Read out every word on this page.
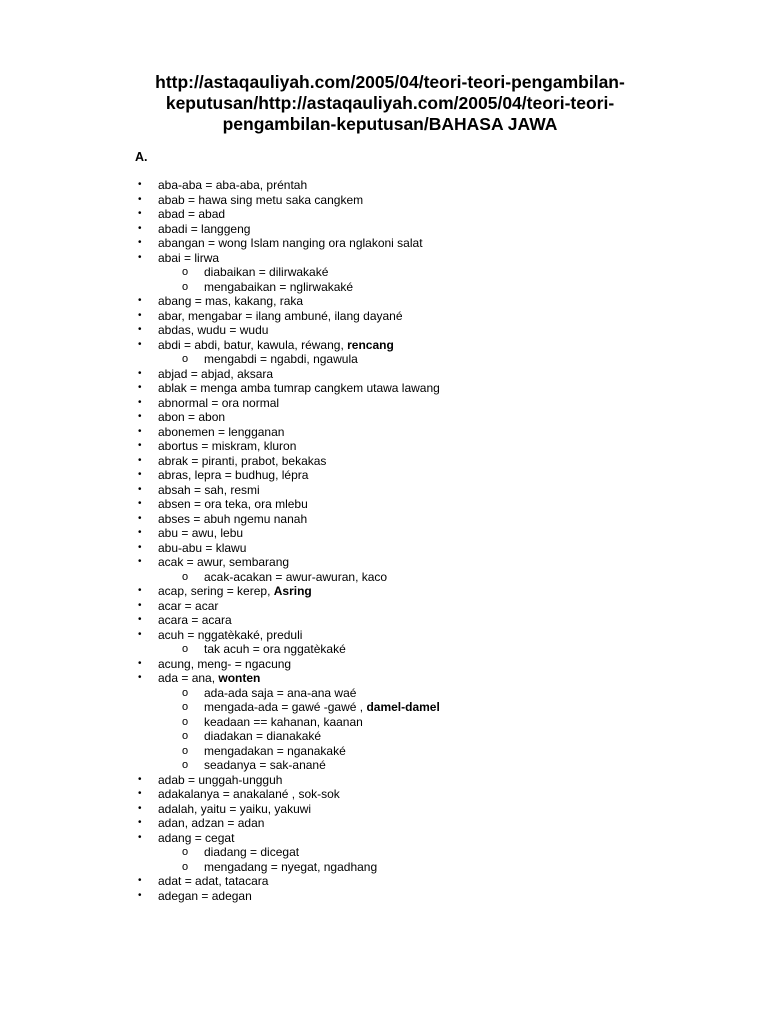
http://astaqauliyah.com/2005/04/teori-teori-pengambilan-
keputusan/http://astaqauliyah.com/2005/04/teori-teori-
pengambilan-keputusan/BAHASA JAWA

A.

• aba-aba = aba-aba, préntah
• abab = hawa sing metu saka cangkem
• abad = abad
• abadi = langgeng
• abangan = wong Islam nanging ora nglakoni salat
• abai = lirwa
o diabaikan = dilirwakaké
o mengabaikan = nglirwakaké
• abang = mas, kakang, raka
• abar, mengabar = ilang ambuné, ilang dayané
• abdas, wudu = wudu
• abdi = abdi, batur, kawula, réwang, rencang
o mengabdi = ngabdi, ngawula
• abjad = abjad, aksara
• ablak = menga amba tumrap cangkem utawa lawang
• abnormal = ora normal
• abon = abon
• abonemen = lengganan
• abortus = miskram, kluron
• abrak = piranti, prabot, bekakas
• abras, lepra = budhug, lépra
• absah = sah, resmi
• absen = ora teka, ora mlebu
• abses = abuh ngemu nanah
• abu = awu, lebu
• abu-abu = klawu
• acak = awur, sembarang
o acak-acakan = awur-awuran, kaco
• acap, sering = kerep, Asring
• acar = acar
• acara = acara
• acuh = nggatèkaké, preduli
o tak acuh = ora nggatèkaké
• acung, meng- = ngacung
• ada = ana, wonten
o ada-ada saja = ana-ana waé
o mengada-ada = gawé -gawé , damel-damel
o keadaan == kahanan, kaanan
o diadakan = dianakaké
o mengadakan = nganakaké
o seadanya = sak-anané
• adab = unggah-ungguh
• adakalanya = anakalané , sok-sok
• adalah, yaitu = yaiku, yakuwi
• adan, adzan = adan
• adang = cegat
o diadang = dicegat
o mengadang = nyegat, ngadhang
• adat = adat, tatacara
• adegan = adegan
